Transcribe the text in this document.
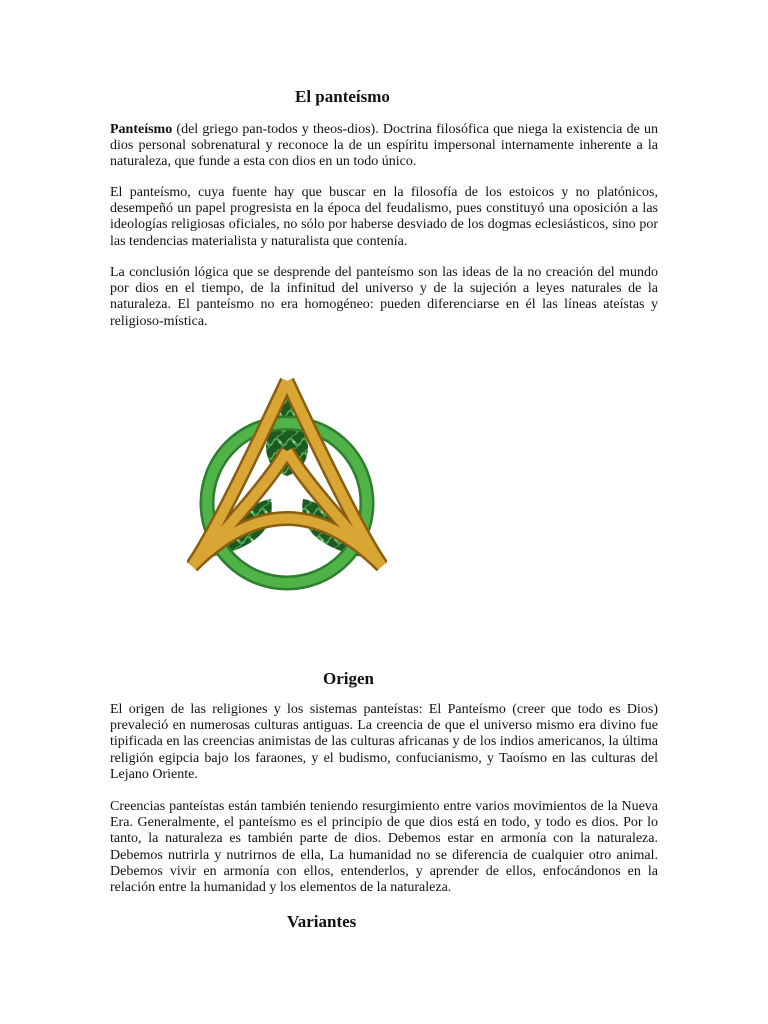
El panteísmo

Panteísmo (del griego pan-todos y theos-dios). Doctrina filosófica que niega la existencia de un dios personal sobrenatural y reconoce la de un espíritu impersonal internamente inherente a la naturaleza, que funde a esta con dios en un todo único.

El panteísmo, cuya fuente hay que buscar en la filosofía de los estoicos y no platónicos, desempeñó un papel progresista en la época del feudalismo, pues constituyó una oposición a las ideologías religiosas oficiales, no sólo por haberse desviado de los dogmas eclesiásticos, sino por las tendencias materialista y naturalista que contenía.

La conclusión lógica que se desprende del panteísmo son las ideas de la no creación del mundo por dios en el tiempo, de la infinitud del universo y de la sujeción a leyes naturales de la naturaleza. El panteísmo no era homogéneo: pueden diferenciarse en él las líneas ateístas y religioso-mística.

Origen

El origen de las religiones y los sistemas panteístas: El Panteísmo (creer que todo es Dios) prevaleció en numerosas culturas antiguas. La creencia de que el universo mismo era divino fue tipificada en las creencias animistas de las culturas africanas y de los indios americanos, la última religión egipcia bajo los faraones, y el budismo, confucianismo, y Taoísmo en las culturas del Lejano Oriente.

Creencias panteístas están también teniendo resurgimiento entre varios movimientos de la Nueva Era. Generalmente, el panteísmo es el principio de que dios está en todo, y todo es dios. Por lo tanto, la naturaleza es también parte de dios. Debemos estar en armonía con la naturaleza. Debemos nutrirla y nutrirnos de ella, La humanidad no se diferencia de cualquier otro animal. Debemos vivir en armonía con ellos, entenderlos, y aprender de ellos, enfocándonos en la relación entre la humanidad y los elementos de la naturaleza.

Variantes
